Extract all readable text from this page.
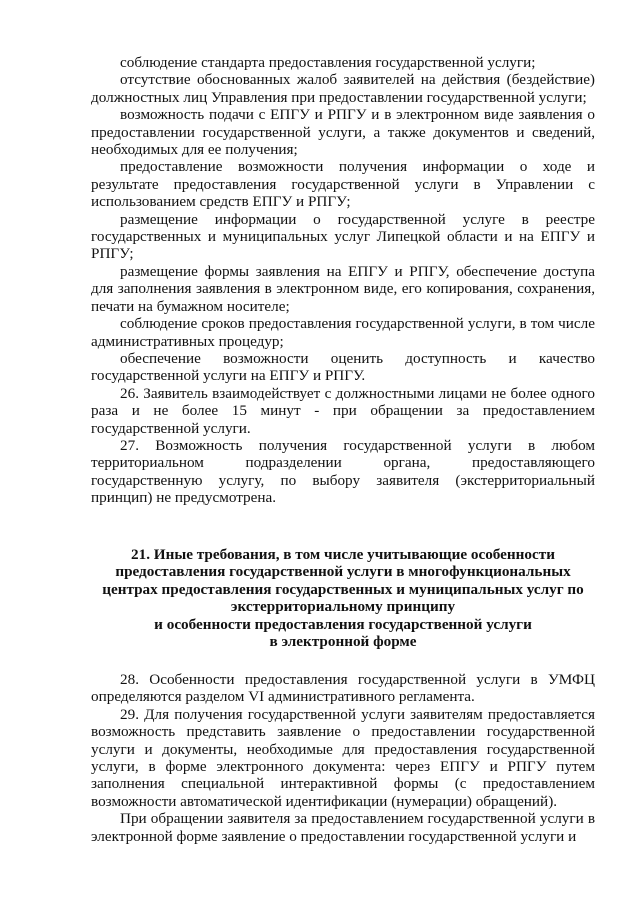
соблюдение стандарта предоставления государственной услуги;

отсутствие обоснованных жалоб заявителей на действия (бездействие) должностных лиц Управления при предоставлении государственной услуги;

возможность подачи с ЕПГУ и РПГУ и в электронном виде заявления о предоставлении государственной услуги, а также документов и сведений, необходимых для ее получения;

предоставление возможности получения информации о ходе и результате предоставления государственной услуги в Управлении с использованием средств ЕПГУ и РПГУ;

размещение информации о государственной услуге в реестре государственных и муниципальных услуг Липецкой области и на ЕПГУ и РПГУ;

размещение формы заявления на ЕПГУ и РПГУ, обеспечение доступа для заполнения заявления в электронном виде, его копирования, сохранения, печати на бумажном носителе;

соблюдение сроков предоставления государственной услуги, в том числе административных процедур;

обеспечение возможности оценить доступность и качество государственной услуги на ЕПГУ и РПГУ.

26. Заявитель взаимодействует с должностными лицами не более одного раза и не более 15 минут - при обращении за предоставлением государственной услуги.

27. Возможность получения государственной услуги в любом территориальном подразделении органа, предоставляющего государственную услугу, по выбору заявителя (экстерриториальный принцип) не предусмотрена.

21. Иные требования, в том числе учитывающие особенности
предоставления государственной услуги в многофункциональных
центрах предоставления государственных и муниципальных услуг по
экстерриториальному принципу
и особенности предоставления государственной услуги
в электронной форме

28. Особенности предоставления государственной услуги в УМФЦ определяются разделом VI административного регламента.

29. Для получения государственной услуги заявителям предоставляется возможность представить заявление о предоставлении государственной услуги и документы, необходимые для предоставления государственной услуги, в форме электронного документа: через ЕПГУ и РПГУ путем заполнения специальной интерактивной формы (с предоставлением возможности автоматической идентификации (нумерации) обращений).

При обращении заявителя за предоставлением государственной услуги в электронной форме заявление о предоставлении государственной услуги и
